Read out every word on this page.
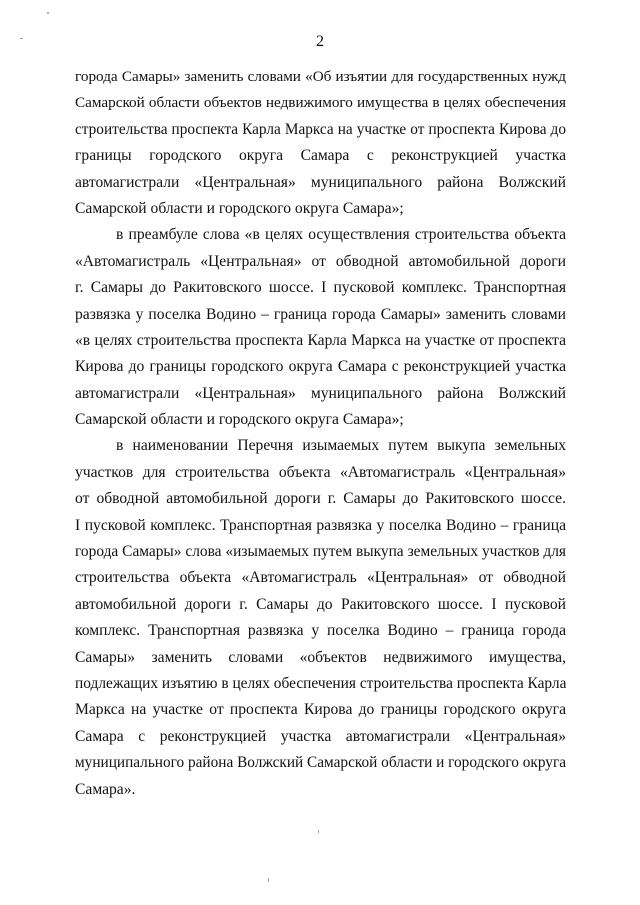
2
города Самары» заменить словами «Об изъятии для государственных нужд
Самарской области объектов недвижимого имущества в целях обеспечения
строительства проспекта Карла Маркса на участке от проспекта Кирова до
границы городского округа Самара с реконструкцией участка
автомагистрали «Центральная» муниципального района Волжский
Самарской области и городского округа Самара»;
в преамбуле слова «в целях осуществления строительства объекта
«Автомагистраль «Центральная» от обводной автомобильной дороги
г. Самары до Ракитовского шоссе. I пусковой комплекс. Транспортная
развязка у поселка Водино – граница города Самары» заменить словами
«в целях строительства проспекта Карла Маркса на участке от проспекта
Кирова до границы городского округа Самара с реконструкцией участка
автомагистрали «Центральная» муниципального района Волжский
Самарской области и городского округа Самара»;
в наименовании Перечня изымаемых путем выкупа земельных
участков для строительства объекта «Автомагистраль «Центральная»
от обводной автомобильной дороги г. Самары до Ракитовского шоссе.
I пусковой комплекс. Транспортная развязка у поселка Водино – граница
города Самары» слова «изымаемых путем выкупа земельных участков для
строительства объекта «Автомагистраль «Центральная» от обводной
автомобильной дороги г. Самары до Ракитовского шоссе. I пусковой
комплекс. Транспортная развязка у поселка Водино – граница города
Самары» заменить словами «объектов недвижимого имущества,
подлежащих изъятию в целях обеспечения строительства проспекта Карла
Маркса на участке от проспекта Кирова до границы городского округа
Самара с реконструкцией участка автомагистрали «Центральная»
муниципального района Волжский Самарской области и городского округа
Самара».
